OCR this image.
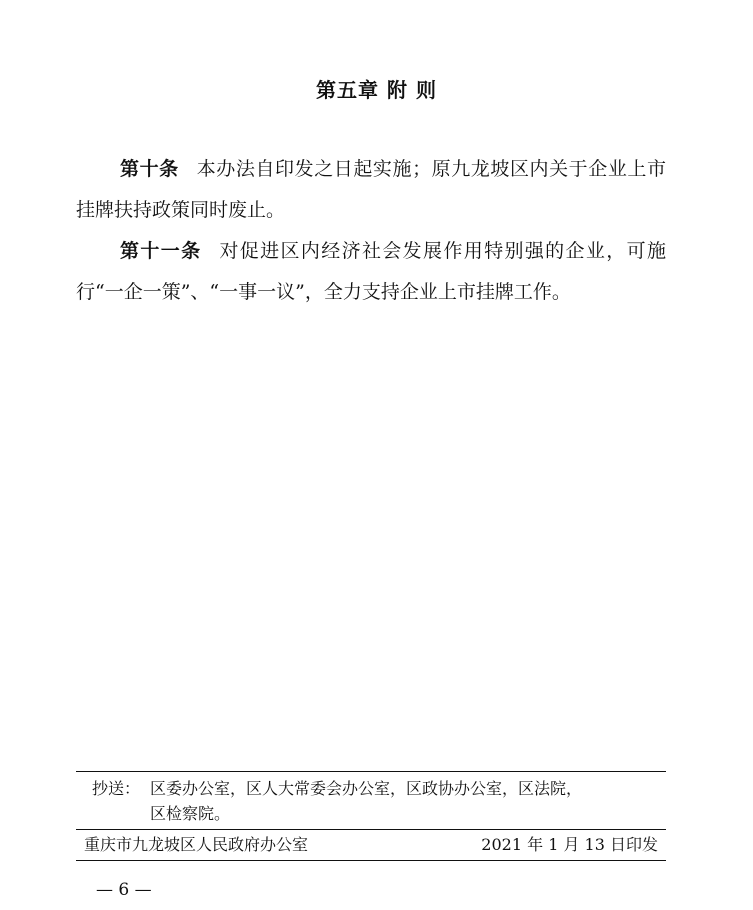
第五章 附 则
第十条 本办法自印发之日起实施；原九龙坡区内关于企业上市挂牌扶持政策同时废止。
第十一条 对促进区内经济社会发展作用特别强的企业，可施行“一企一策”、“一事一议”，全力支持企业上市挂牌工作。
抄送： 区委办公室，区人大常委会办公室，区政协办公室，区法院，
区检察院。
重庆市九龙坡区人民政府办公室	2021 年 1 月 13 日印发
— 6 —
